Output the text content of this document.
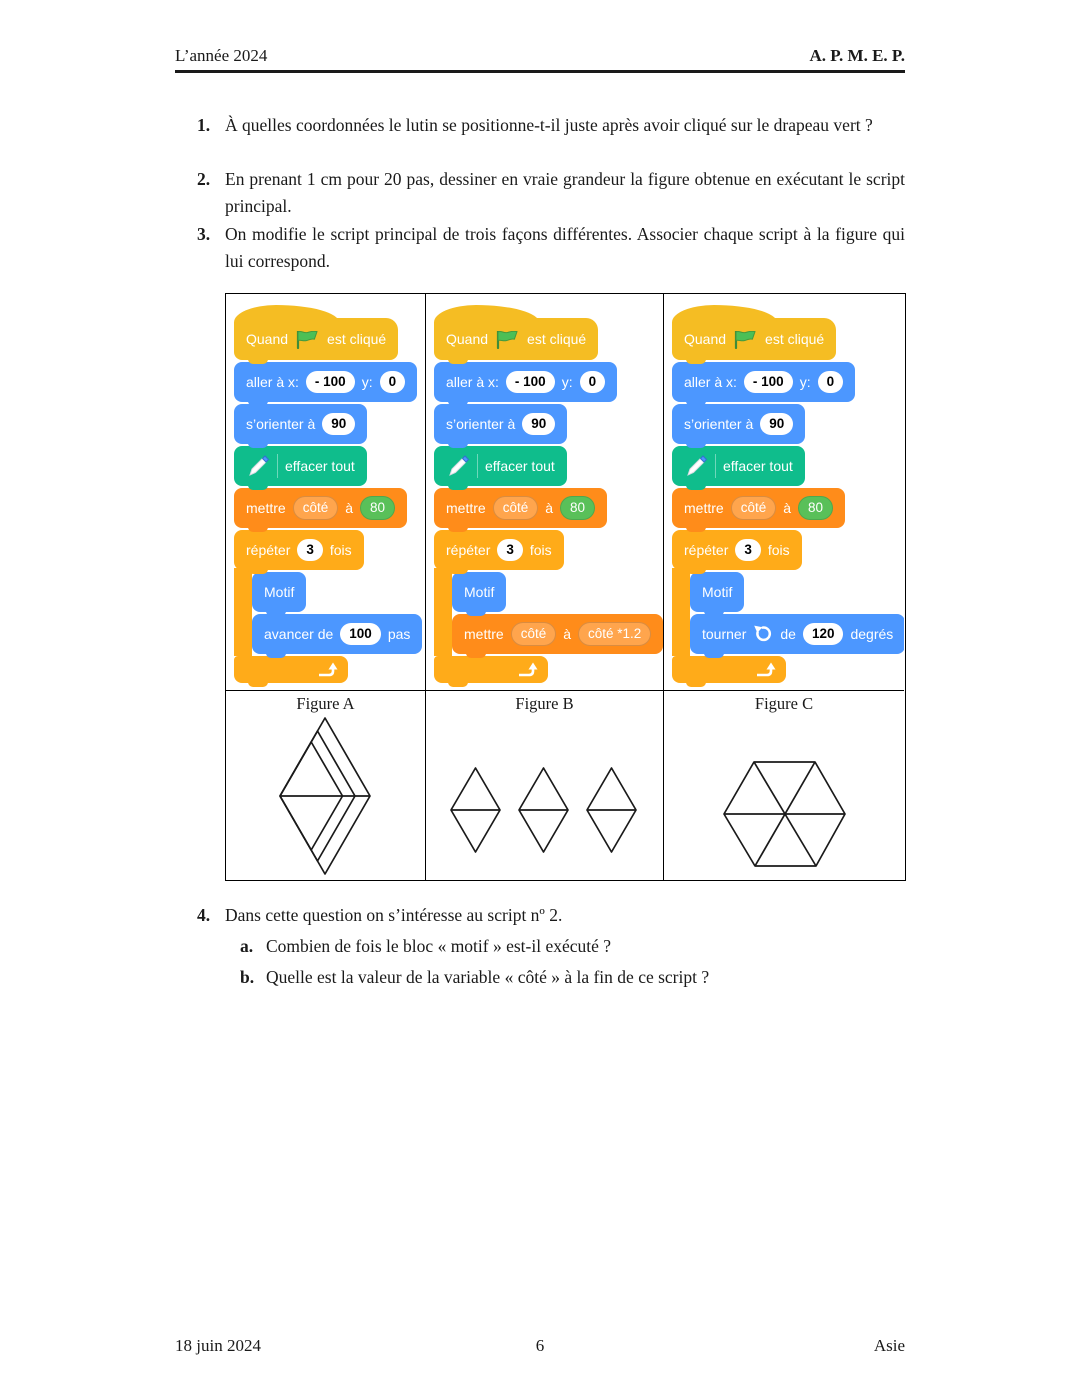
L’année 2024	A. P. M. E. P.
1. À quelles coordonnées le lutin se positionne-t-il juste après avoir cliqué sur le drapeau vert ?
2. En prenant 1 cm pour 20 pas, dessiner en vraie grandeur la figure obtenue en exécutant le script principal.
3. On modifie le script principal de trois façons différentes. Associer chaque script à la figure qui lui correspond.
Quand	est cliqué
aller à x:	- 100	y:	0
s’orienter à	90
effacer tout
mettre	côté	à	80
répéter	3	fois
Motif
avancer de	100	pas
Quand	est cliqué
aller à x:	- 100	y:	0
s’orienter à	90
effacer tout
mettre	côté	à	80
répéter	3	fois
Motif
mettre	côté	à	côté *1.2
Quand	est cliqué
aller à x:	- 100	y:	0
s’orienter à	90
effacer tout
mettre	côté	à	80
répéter	3	fois
Motif
tourner de	120	degrés
Figure A	Figure B	Figure C
4. Dans cette question on s’intéresse au script nº 2.
a. Combien de fois le bloc « motif » est-il exécuté ?
b. Quelle est la valeur de la variable « côté » à la fin de ce script ?
18 juin 2024	6	Asie
